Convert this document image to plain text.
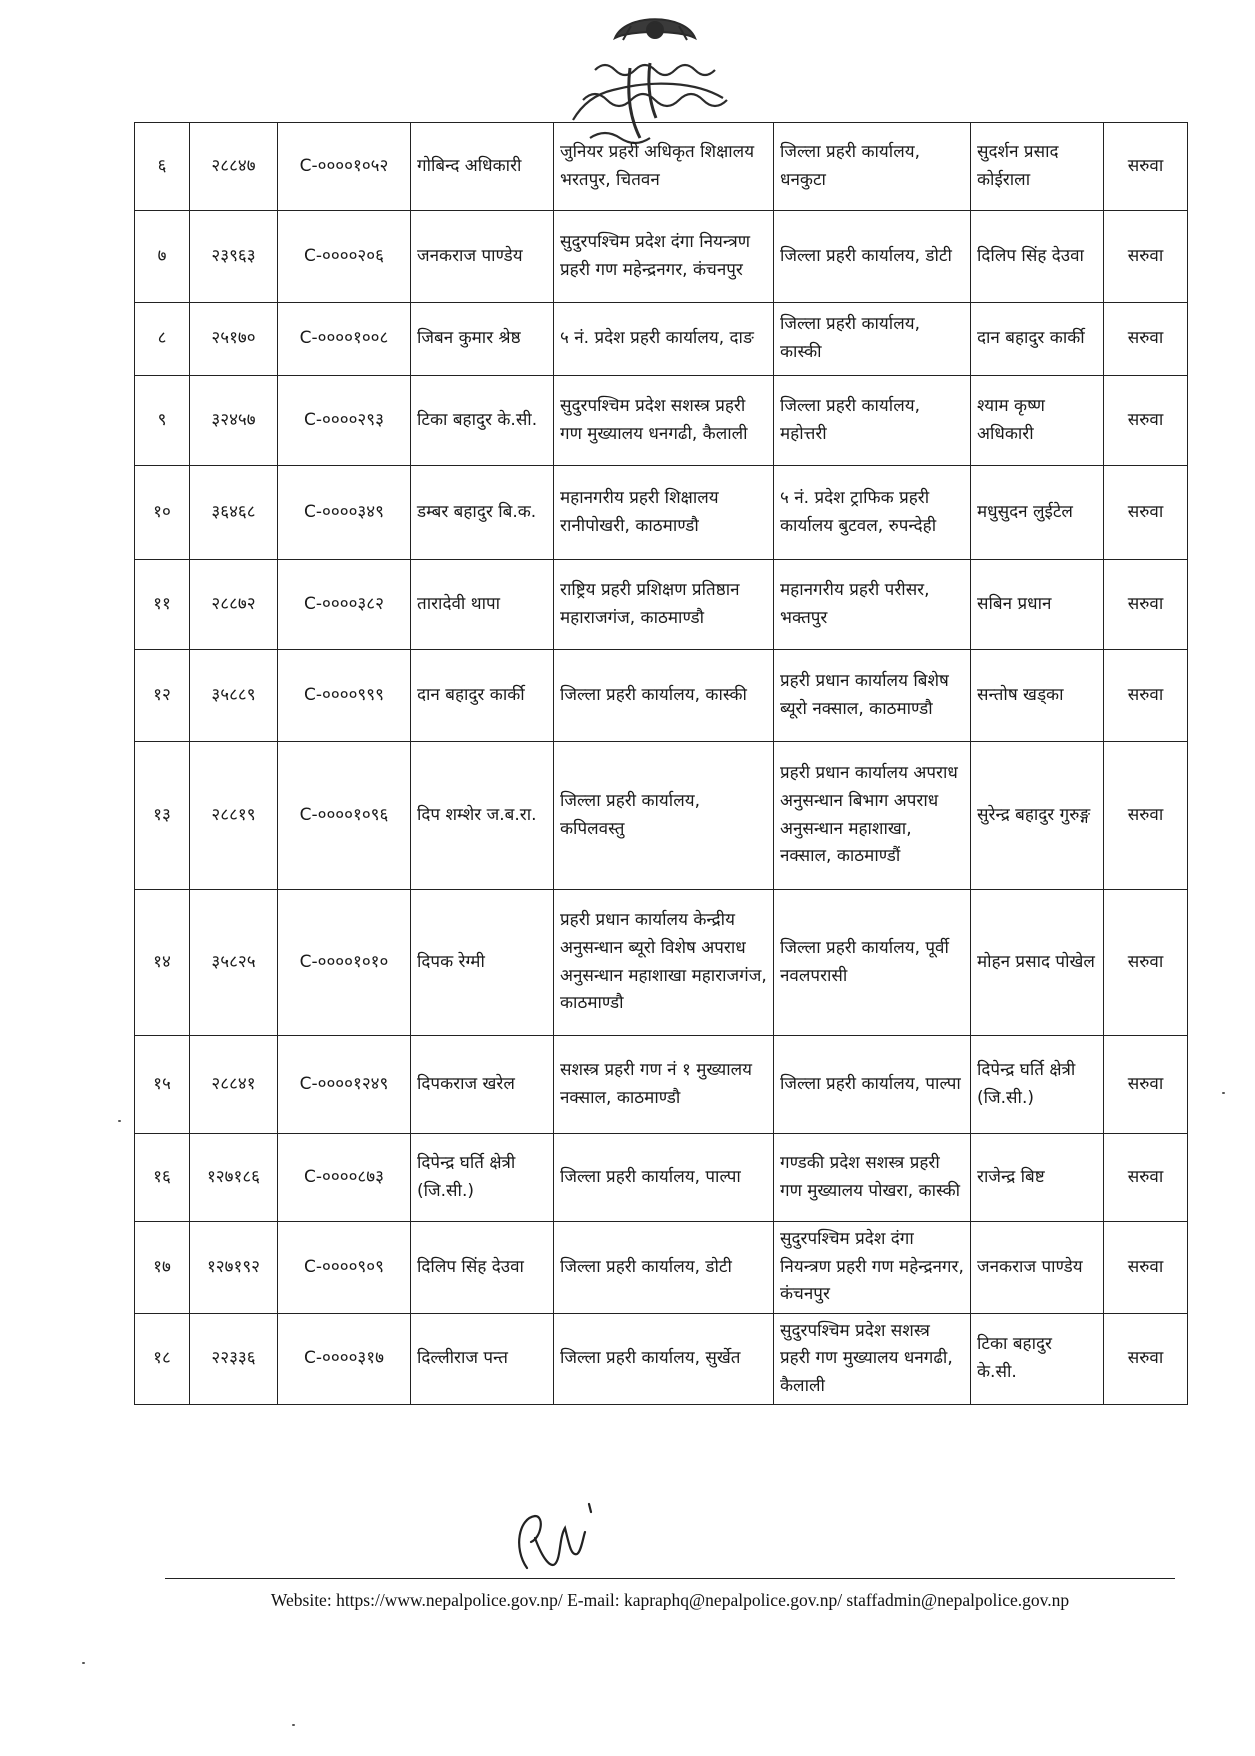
६	२८८४७	C-००००१०५२	गोबिन्द अधिकारी	जुनियर प्रहरी अधिकृत शिक्षालय भरतपुर, चितवन	जिल्ला प्रहरी कार्यालय, धनकुटा	सुदर्शन प्रसाद कोईराला	सरुवा
७	२३९६३	C-००००२०६	जनकराज पाण्डेय	सुदुरपश्चिम प्रदेश दंगा नियन्त्रण प्रहरी गण महेन्द्रनगर, कंचनपुर	जिल्ला प्रहरी कार्यालय, डोटी	दिलिप सिंह देउवा	सरुवा
८	२५१७०	C-००००१००८	जिबन कुमार श्रेष्ठ	५ नं. प्रदेश प्रहरी कार्यालय, दाङ	जिल्ला प्रहरी कार्यालय, कास्की	दान बहादुर कार्की	सरुवा
९	३२४५७	C-००००२९३	टिका बहादुर के.सी.	सुदुरपश्चिम प्रदेश सशस्त्र प्रहरी गण मुख्यालय धनगढी, कैलाली	जिल्ला प्रहरी कार्यालय, महोत्तरी	श्याम कृष्ण अधिकारी	सरुवा
१०	३६४६८	C-००००३४९	डम्बर बहादुर बि.क.	महानगरीय प्रहरी शिक्षालय रानीपोखरी, काठमाण्डौ	५ नं. प्रदेश ट्राफिक प्रहरी कार्यालय बुटवल, रुपन्देही	मधुसुदन लुईटेल	सरुवा
११	२८८७२	C-००००३८२	तारादेवी थापा	राष्ट्रिय प्रहरी प्रशिक्षण प्रतिष्ठान महाराजगंज, काठमाण्डौ	महानगरीय प्रहरी परीसर, भक्तपुर	सबिन प्रधान	सरुवा
१२	३५८८९	C-००००९९९	दान बहादुर कार्की	जिल्ला प्रहरी कार्यालय, कास्की	प्रहरी प्रधान कार्यालय बिशेष ब्यूरो नक्साल, काठमाण्डौ	सन्तोष खड्का	सरुवा
१३	२८८१९	C-००००१०९६	दिप शम्शेर ज.ब.रा.	जिल्ला प्रहरी कार्यालय, कपिलवस्तु	प्रहरी प्रधान कार्यालय अपराध अनुसन्धान बिभाग अपराध अनुसन्धान महाशाखा, नक्साल, काठमाण्डौं	सुरेन्द्र बहादुर गुरुङ्ग	सरुवा
१४	३५८२५	C-००००१०१०	दिपक रेग्मी	प्रहरी प्रधान कार्यालय केन्द्रीय अनुसन्धान ब्यूरो विशेष अपराध अनुसन्धान महाशाखा महाराजगंज, काठमाण्डौ	जिल्ला प्रहरी कार्यालय, पूर्वी नवलपरासी	मोहन प्रसाद पोखेल	सरुवा
१५	२८८४१	C-००००१२४९	दिपकराज खरेल	सशस्त्र प्रहरी गण नं १ मुख्यालय नक्साल, काठमाण्डौ	जिल्ला प्रहरी कार्यालय, पाल्पा	दिपेन्द्र घर्ति क्षेत्री (जि.सी.)	सरुवा
१६	१२७१८६	C-००००८७३	दिपेन्द्र घर्ति क्षेत्री (जि.सी.)	जिल्ला प्रहरी कार्यालय, पाल्पा	गण्डकी प्रदेश सशस्त्र प्रहरी गण मुख्यालय पोखरा, कास्की	राजेन्द्र बिष्ट	सरुवा
१७	१२७१९२	C-००००९०९	दिलिप सिंह देउवा	जिल्ला प्रहरी कार्यालय, डोटी	सुदुरपश्चिम प्रदेश दंगा नियन्त्रण प्रहरी गण महेन्द्रनगर, कंचनपुर	जनकराज पाण्डेय	सरुवा
१८	२२३३६	C-००००३१७	दिल्लीराज पन्त	जिल्ला प्रहरी कार्यालय, सुर्खेत	सुदुरपश्चिम प्रदेश सशस्त्र प्रहरी गण मुख्यालय धनगढी, कैलाली	टिका बहादुर के.सी.	सरुवा
Website: https://www.nepalpolice.gov.np/ E-mail: kapraphq@nepalpolice.gov.np/ staffadmin@nepalpolice.gov.np
